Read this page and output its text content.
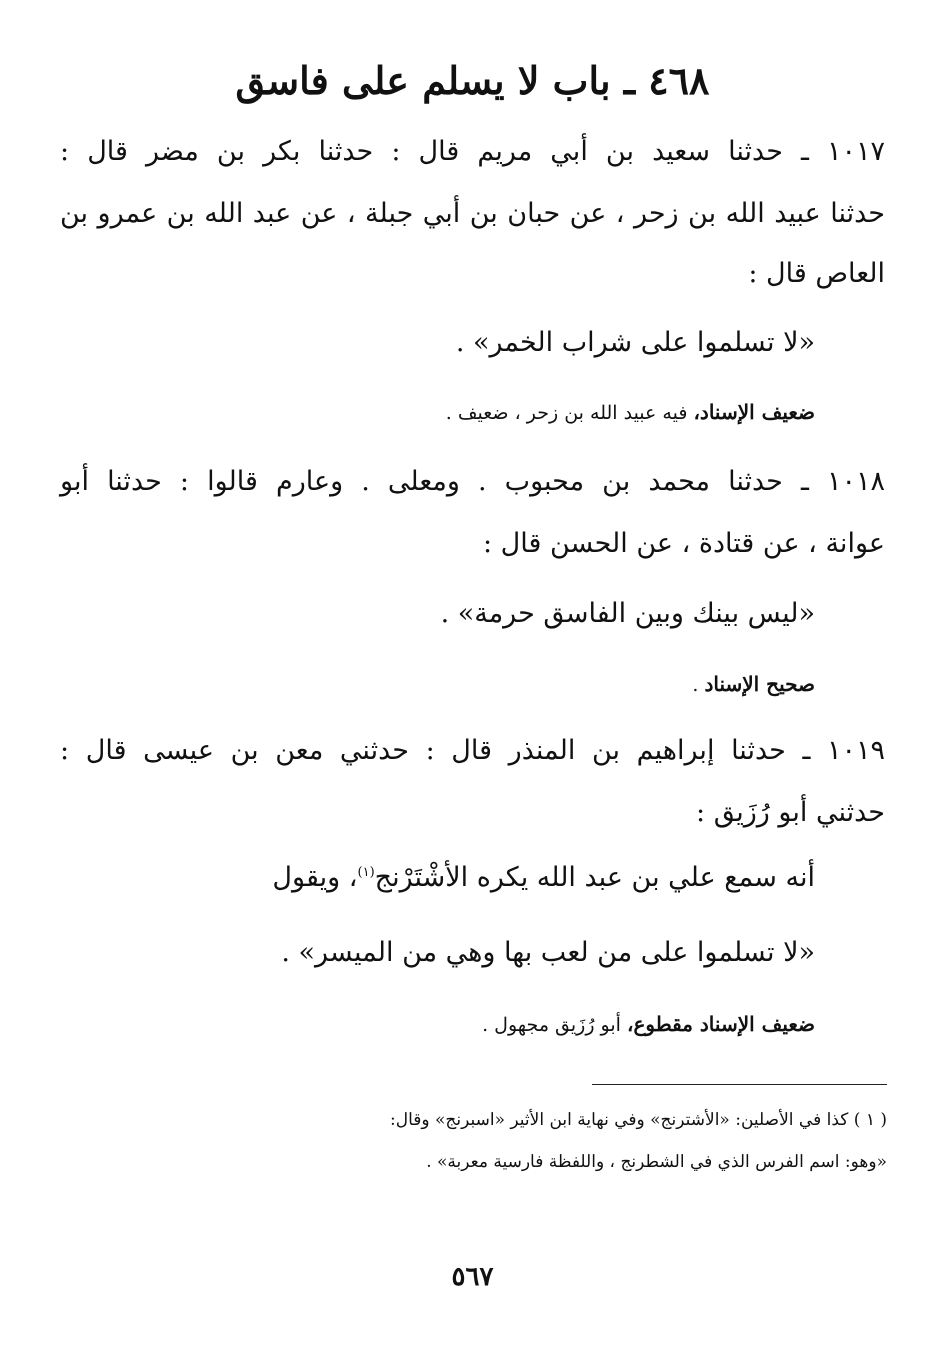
٤٦٨ ـ باب لا يسلم على فاسق
١٠١٧ ـ حدثنا سعيد بن أبي مريم قال : حدثنا بكر بن مضر قال :
حدثنا عبيد الله بن زحر ، عن حبان بن أبي جبلة ، عن عبد الله بن عمرو بن
العاص قال :
«لا تسلموا على شراب الخمر» .
ضعيف الإسناد، فيه عبيد الله بن زحر ، ضعيف .
١٠١٨ ـ حدثنا محمد بن محبوب . ومعلى . وعارم قالوا : حدثنا أبو
عوانة ، عن قتادة ، عن الحسن قال :
«ليس بينك وبين الفاسق حرمة» .
صحيح الإسناد .
١٠١٩ ـ حدثنا إبراهيم بن المنذر قال : حدثني معن بن عيسى قال :
حدثني أبو رُزَيق :
أنه سمع علي بن عبد الله يكره الأشْتَرْنج$^{(١)}$، ويقول
«لا تسلموا على من لعب بها وهي من الميسر» .
ضعيف الإسناد مقطوع، أبو رُزَيق مجهول .
( ١ ) كذا في الأصلين: «الأشترنج» وفي نهاية ابن الأثير «اسبرنج» وقال:
«وهو: اسم الفرس الذي في الشطرنج ، واللفظة فارسية معربة» .
٥٦٧
